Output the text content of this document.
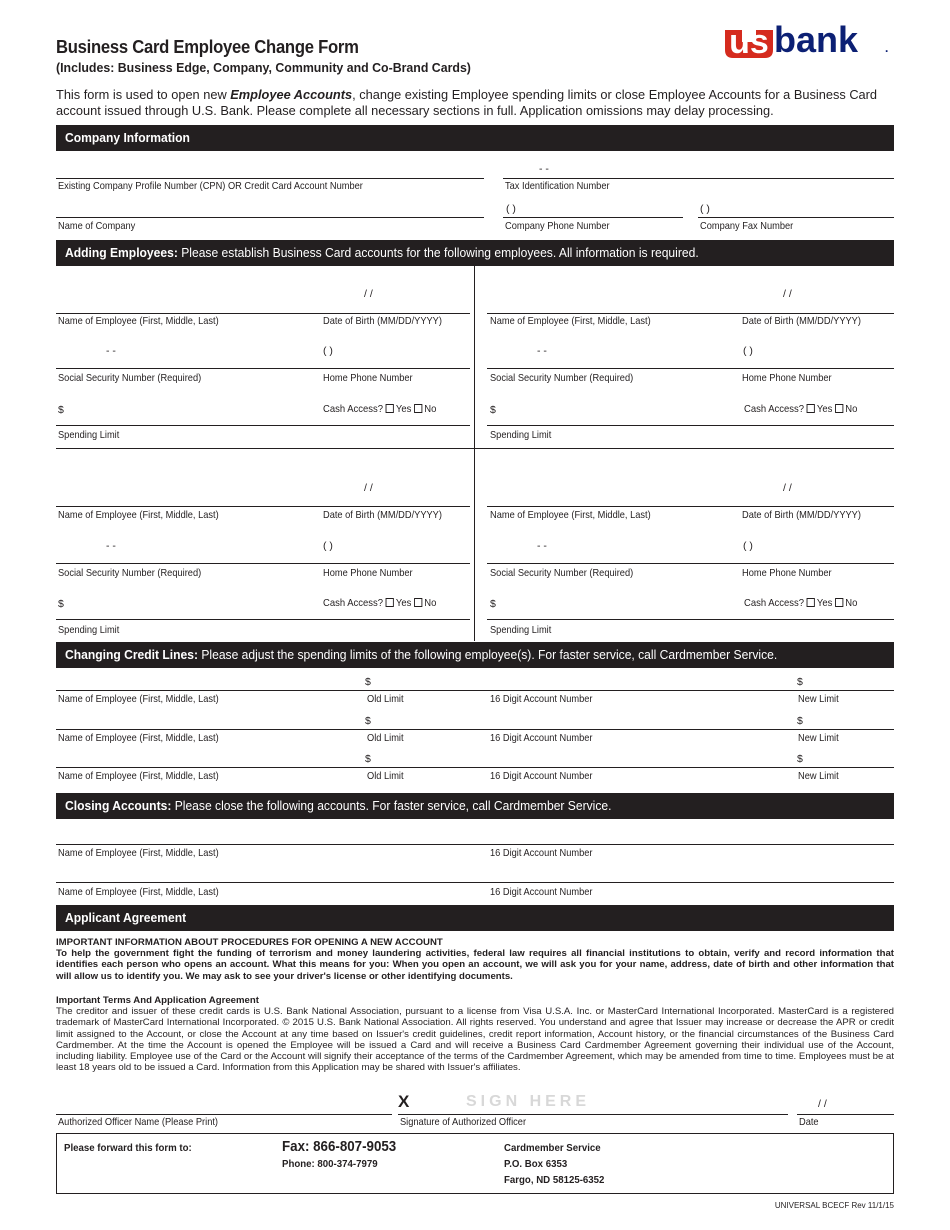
Business Card Employee Change Form
(Includes: Business Edge, Company, Community and Co-Brand Cards)
us bank .
This form is used to open new Employee Accounts, change existing Employee spending limits or close Employee Accounts for a Business Card account issued through U.S. Bank. Please complete all necessary sections in full. Application omissions may delay processing.
Company Information
- -
Existing Company Profile Number (CPN) OR Credit Card Account Number	Tax Identification Number
( )	( )
Name of Company	Company Phone Number	Company Fax Number
Adding Employees: Please establish Business Card accounts for the following employees. All information is required.
/ /
Name of Employee (First, Middle, Last)	Date of Birth (MM/DD/YYYY)
- -	( )
Social Security Number (Required)	Home Phone Number
$	Cash Access? Yes No
Spending Limit
/ /
Name of Employee (First, Middle, Last)	Date of Birth (MM/DD/YYYY)
- -	( )
Social Security Number (Required)	Home Phone Number
$	Cash Access? Yes No
Spending Limit
/ /
Name of Employee (First, Middle, Last)	Date of Birth (MM/DD/YYYY)
- -	( )
Social Security Number (Required)	Home Phone Number
$	Cash Access? Yes No
Spending Limit
/ /
Name of Employee (First, Middle, Last)	Date of Birth (MM/DD/YYYY)
- -	( )
Social Security Number (Required)	Home Phone Number
$	Cash Access? Yes No
Spending Limit
Changing Credit Lines: Please adjust the spending limits of the following employee(s). For faster service, call Cardmember Service.
$	$
Name of Employee (First, Middle, Last)	Old Limit	16 Digit Account Number	New Limit
$	$
Name of Employee (First, Middle, Last)	Old Limit	16 Digit Account Number	New Limit
$	$
Name of Employee (First, Middle, Last)	Old Limit	16 Digit Account Number	New Limit
Closing Accounts: Please close the following accounts. For faster service, call Cardmember Service.
Name of Employee (First, Middle, Last)	16 Digit Account Number
Name of Employee (First, Middle, Last)	16 Digit Account Number
Applicant Agreement
IMPORTANT INFORMATION ABOUT PROCEDURES FOR OPENING A NEW ACCOUNT
To help the government fight the funding of terrorism and money laundering activities, federal law requires all financial institutions to obtain, verify and record information that identifies each person who opens an account. What this means for you: When you open an account, we will ask you for your name, address, date of birth and other information that will allow us to identify you. We may ask to see your driver's license or other identifying documents.
Important Terms And Application Agreement
The creditor and issuer of these credit cards is U.S. Bank National Association, pursuant to a license from Visa U.S.A. Inc. or MasterCard International Incorporated. MasterCard is a registered trademark of MasterCard International Incorporated. © 2015 U.S. Bank National Association. All rights reserved. You understand and agree that Issuer may increase or decrease the APR or credit limit assigned to the Account, or close the Account at any time based on Issuer's credit guidelines, credit report information, Account history, or the financial circumstances of the Business Card Cardmember. At the time the Account is opened the Employee will be issued a Card and will receive a Business Card Cardmember Agreement governing their individual use of the Account, including liability. Employee use of the Card or the Account will signify their acceptance of the terms of the Cardmember Agreement, which may be amended from time to time. Employees must be at least 18 years old to be issued a Card. Information from this Application may be shared with Issuer's affiliates.
X	SIGN HERE	/ /
Authorized Officer Name (Please Print)	Signature of Authorized Officer	Date
Please forward this form to:	Fax: 866-807-9053
Phone: 800-374-7979
Cardmember Service
P.O. Box 6353
Fargo, ND 58125-6352
UNIVERSAL BCECF Rev 11/1/15
